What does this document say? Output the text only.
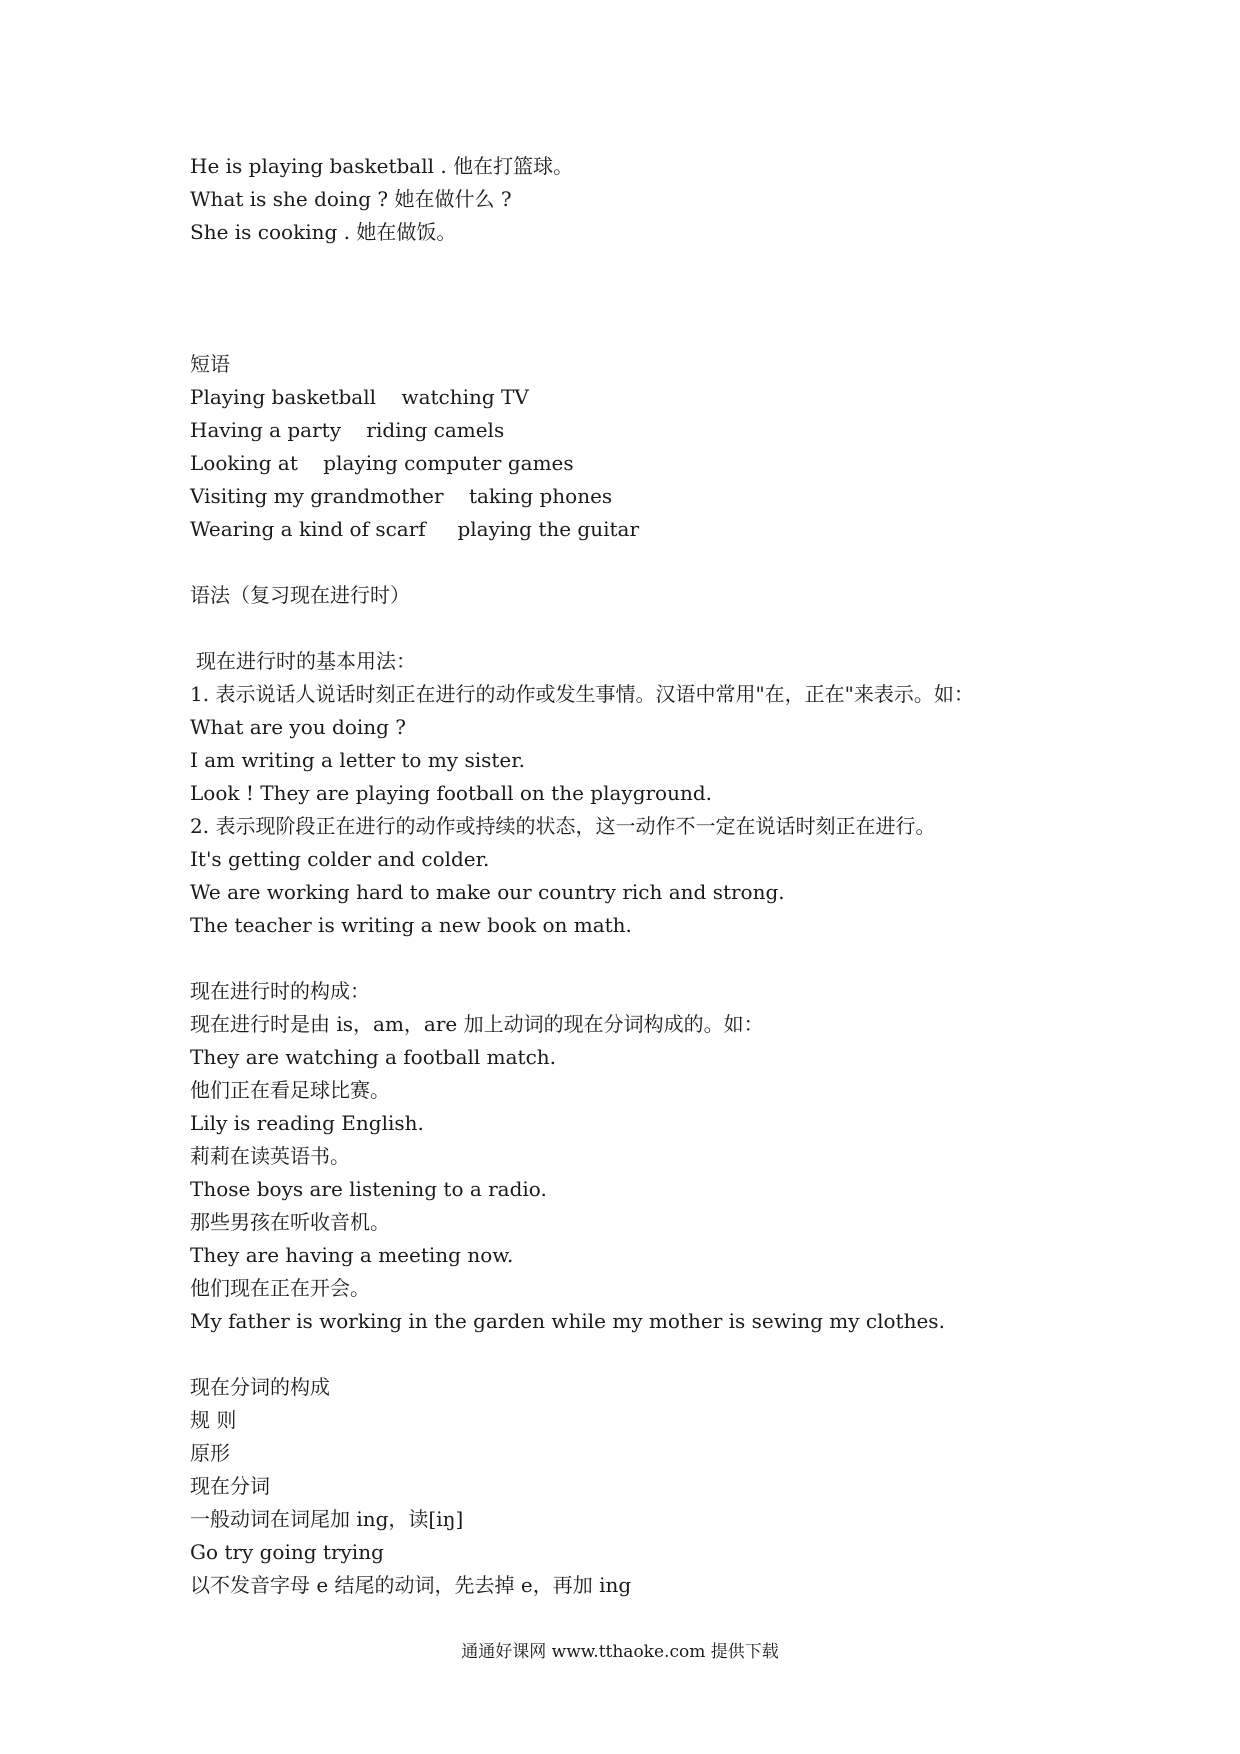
He is playing basketball . 他在打篮球。
What is she doing ? 她在做什么 ?
She is cooking . 她在做饭。
短语
Playing basketball    watching TV
Having a party    riding camels
Looking at    playing computer games
Visiting my grandmother    taking phones
Wearing a kind of scarf     playing the guitar
语法（复习现在进行时）
现在进行时的基本用法：
1. 表示说话人说话时刻正在进行的动作或发生事情。汉语中常用"在，正在"来表示。如：
What are you doing ?
I am writing a letter to my sister.
Look ! They are playing football on the playground.
2. 表示现阶段正在进行的动作或持续的状态，这一动作不一定在说话时刻正在进行。
It's getting colder and colder.
We are working hard to make our country rich and strong.
The teacher is writing a new book on math.
现在进行时的构成：
现在进行时是由 is，am，are 加上动词的现在分词构成的。如：
They are watching a football match.
他们正在看足球比赛。
Lily is reading English.
莉莉在读英语书。
Those boys are listening to a radio.
那些男孩在听收音机。
They are having a meeting now.
他们现在正在开会。
My father is working in the garden while my mother is sewing my clothes.
现在分词的构成
规 则
原形
现在分词
一般动词在词尾加 ing，读[iŋ]
Go try going trying
以不发音字母 e 结尾的动词，先去掉 e，再加 ing
通通好课网 www.tthaoke.com 提供下载
